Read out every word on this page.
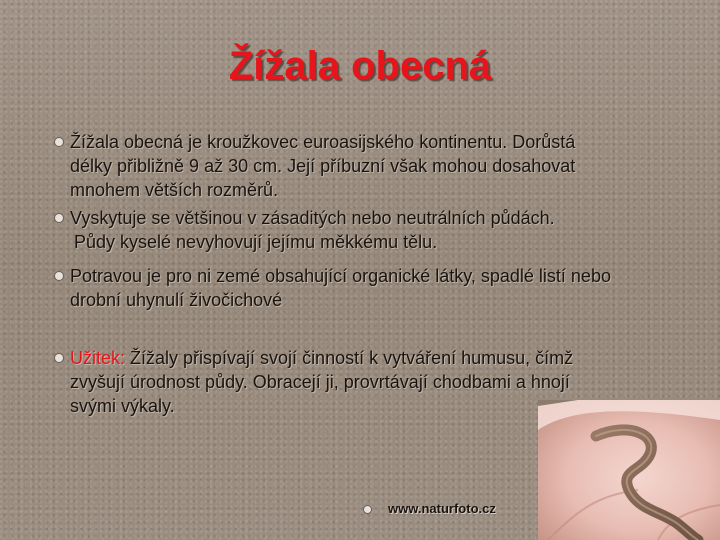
Žížala obecná
Žížala obecná je kroužkovec euroasijského kontinentu. Dorůstá
délky přibližně 9 až 30 cm. Její příbuzní však mohou dosahovat
mnohem větších rozměrů.
Vyskytuje se většinou v zásaditých nebo neutrálních půdách.
Půdy kyselé nevyhovují jejímu měkkému tělu.
Potravou je pro ni zemé obsahující organické látky, spadlé listí nebo
drobní uhynulí živočichové
Užitek: Žížaly přispívají svojí činností k vytváření humusu, čímž
zvyšují úrodnost půdy. Obracejí ji, provrtávají chodbami a hnojí
svými výkaly.
www.naturfoto.cz
